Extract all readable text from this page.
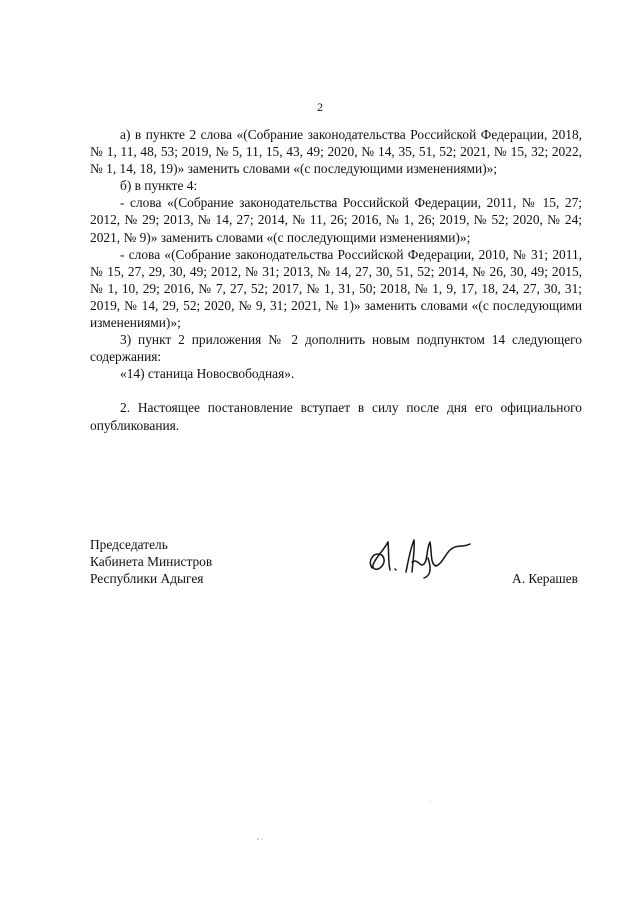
2

а) в пункте 2 слова «(Собрание законодательства Российской Федерации, 2018, № 1, 11, 48, 53; 2019, № 5, 11, 15, 43, 49; 2020, № 14, 35, 51, 52; 2021, № 15, 32; 2022, № 1, 14, 18, 19)» заменить словами «(с последующими изменениями)»;

б) в пункте 4:

- слова «(Собрание законодательства Российской Федерации, 2011, № 15, 27; 2012, № 29; 2013, № 14, 27; 2014, № 11, 26; 2016, № 1, 26; 2019, № 52; 2020, № 24; 2021, № 9)» заменить словами «(с последующими изменениями)»;

- слова «(Собрание законодательства Российской Федерации, 2010, № 31; 2011, № 15, 27, 29, 30, 49; 2012, № 31; 2013, № 14, 27, 30, 51, 52; 2014, № 26, 30, 49; 2015, № 1, 10, 29; 2016, № 7, 27, 52; 2017, № 1, 31, 50; 2018, № 1, 9, 17, 18, 24, 27, 30, 31; 2019, № 14, 29, 52; 2020, № 9, 31; 2021, № 1)» заменить словами «(с последующими изменениями)»;

3) пункт 2 приложения № 2 дополнить новым подпунктом 14 следующего содержания:

«14) станица Новосвободная».

2. Настоящее постановление вступает в силу после дня его официального опубликования.

Председатель
Кабинета Министров
Республики Адыгея	А. Керашев
